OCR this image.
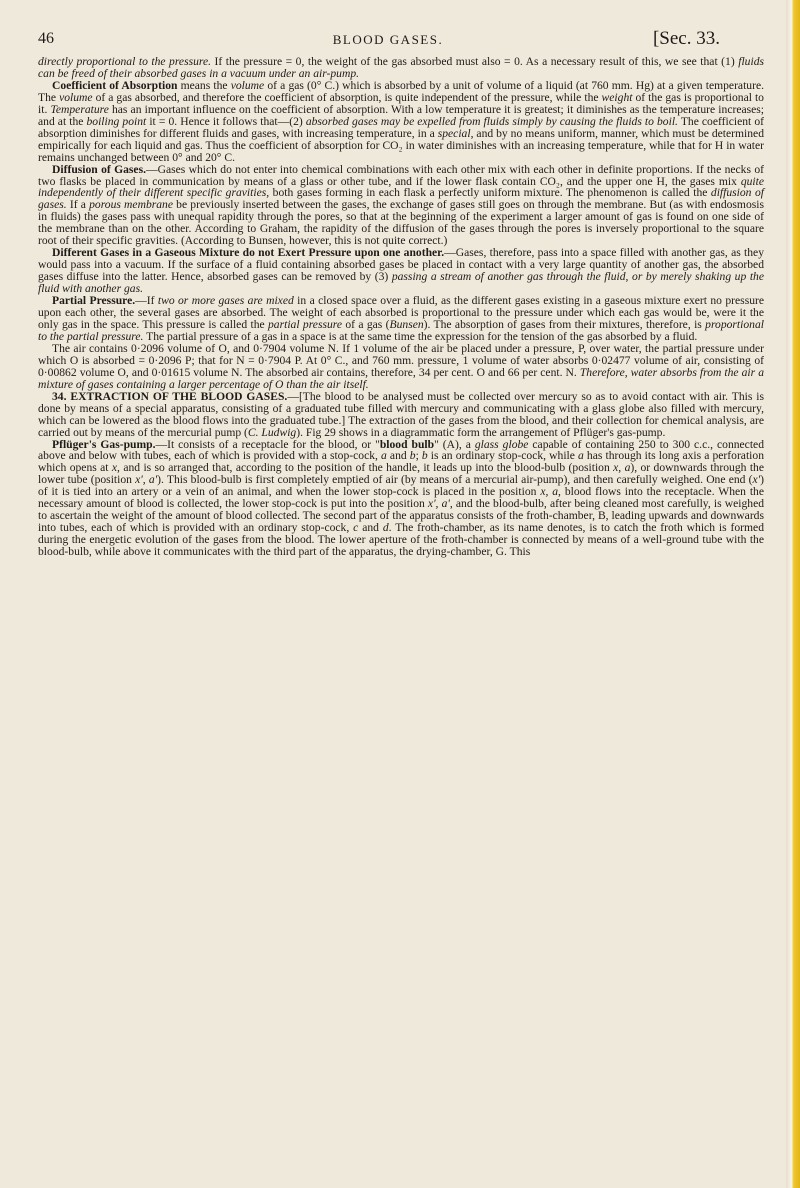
46	BLOOD GASES.	[Sec. 33.

directly proportional to the pressure. If the pressure = 0, the weight of the gas absorbed must also = 0. As a necessary result of this, we see that (1) fluids can be freed of their absorbed gases in a vacuum under an air-pump.

Coefficient of Absorption means the volume of a gas (0° C.) which is absorbed by a unit of volume of a liquid (at 760 mm. Hg) at a given temperature. The volume of a gas absorbed, and therefore the coefficient of absorption, is quite independent of the pressure, while the weight of the gas is proportional to it. Temperature has an important influence on the coefficient of absorption. With a low temperature it is greatest; it diminishes as the temperature increases; and at the boiling point it = 0. Hence it follows that—(2) absorbed gases may be expelled from fluids simply by causing the fluids to boil. The coefficient of absorption diminishes for different fluids and gases, with increasing temperature, in a special, and by no means uniform, manner, which must be determined empirically for each liquid and gas. Thus the coefficient of absorption for CO₂ in water diminishes with an increasing temperature, while that for H in water remains unchanged between 0° and 20° C.

Diffusion of Gases.—Gases which do not enter into chemical combinations with each other mix with each other in definite proportions. If the necks of two flasks be placed in communication by means of a glass or other tube, and if the lower flask contain CO₂, and the upper one H, the gases mix quite independently of their different specific gravities, both gases forming in each flask a perfectly uniform mixture. The phenomenon is called the diffusion of gases. If a porous membrane be previously inserted between the gases, the exchange of gases still goes on through the membrane. But (as with endosmosis in fluids) the gases pass with unequal rapidity through the pores, so that at the beginning of the experiment a larger amount of gas is found on one side of the membrane than on the other. According to Graham, the rapidity of the diffusion of the gases through the pores is inversely proportional to the square root of their specific gravities. (According to Bunsen, however, this is not quite correct.)

Different Gases in a Gaseous Mixture do not Exert Pressure upon one another.—Gases, therefore, pass into a space filled with another gas, as they would pass into a vacuum. If the surface of a fluid containing absorbed gases be placed in contact with a very large quantity of another gas, the absorbed gases diffuse into the latter. Hence, absorbed gases can be removed by (3) passing a stream of another gas through the fluid, or by merely shaking up the fluid with another gas.

Partial Pressure.—If two or more gases are mixed in a closed space over a fluid, as the different gases existing in a gaseous mixture exert no pressure upon each other, the several gases are absorbed. The weight of each absorbed is proportional to the pressure under which each gas would be, were it the only gas in the space. This pressure is called the partial pressure of a gas (Bunsen). The absorption of gases from their mixtures, therefore, is proportional to the partial pressure. The partial pressure of a gas in a space is at the same time the expression for the tension of the gas absorbed by a fluid.

The air contains 0·2096 volume of O, and 0·7904 volume N. If 1 volume of the air be placed under a pressure, P, over water, the partial pressure under which O is absorbed = 0·2096 P; that for N = 0·7904 P. At 0° C., and 760 mm. pressure, 1 volume of water absorbs 0·02477 volume of air, consisting of 0·00862 volume O, and 0·01615 volume N. The absorbed air contains, therefore, 34 per cent. O and 66 per cent. N. Therefore, water absorbs from the air a mixture of gases containing a larger percentage of O than the air itself.

34. EXTRACTION OF THE BLOOD GASES.—[The blood to be analysed must be collected over mercury so as to avoid contact with air. This is done by means of a special apparatus, consisting of a graduated tube filled with mercury and communicating with a glass globe also filled with mercury, which can be lowered as the blood flows into the graduated tube.] The extraction of the gases from the blood, and their collection for chemical analysis, are carried out by means of the mercurial pump (C. Ludwig). Fig 29 shows in a diagrammatic form the arrangement of Pflüger's gas-pump.

Pflüger's Gas-pump.—It consists of a receptacle for the blood, or "blood bulb" (A), a glass globe capable of containing 250 to 300 c.c., connected above and below with tubes, each of which is provided with a stop-cock, a and b; b is an ordinary stop-cock, while a has through its long axis a perforation which opens at x, and is so arranged that, according to the position of the handle, it leads up into the blood-bulb (position x, a), or downwards through the lower tube (position x', a'). This blood-bulb is first completely emptied of air (by means of a mercurial air-pump), and then carefully weighed. One end (x') of it is tied into an artery or a vein of an animal, and when the lower stop-cock is placed in the position x, a, blood flows into the receptacle. When the necessary amount of blood is collected, the lower stop-cock is put into the position x', a', and the blood-bulb, after being cleaned most carefully, is weighed to ascertain the weight of the amount of blood collected. The second part of the apparatus consists of the froth-chamber, B, leading upwards and downwards into tubes, each of which is provided with an ordinary stop-cock, c and d. The froth-chamber, as its name denotes, is to catch the froth which is formed during the energetic evolution of the gases from the blood. The lower aperture of the froth-chamber is connected by means of a well-ground tube with the blood-bulb, while above it communicates with the third part of the apparatus, the drying-chamber, G. This
